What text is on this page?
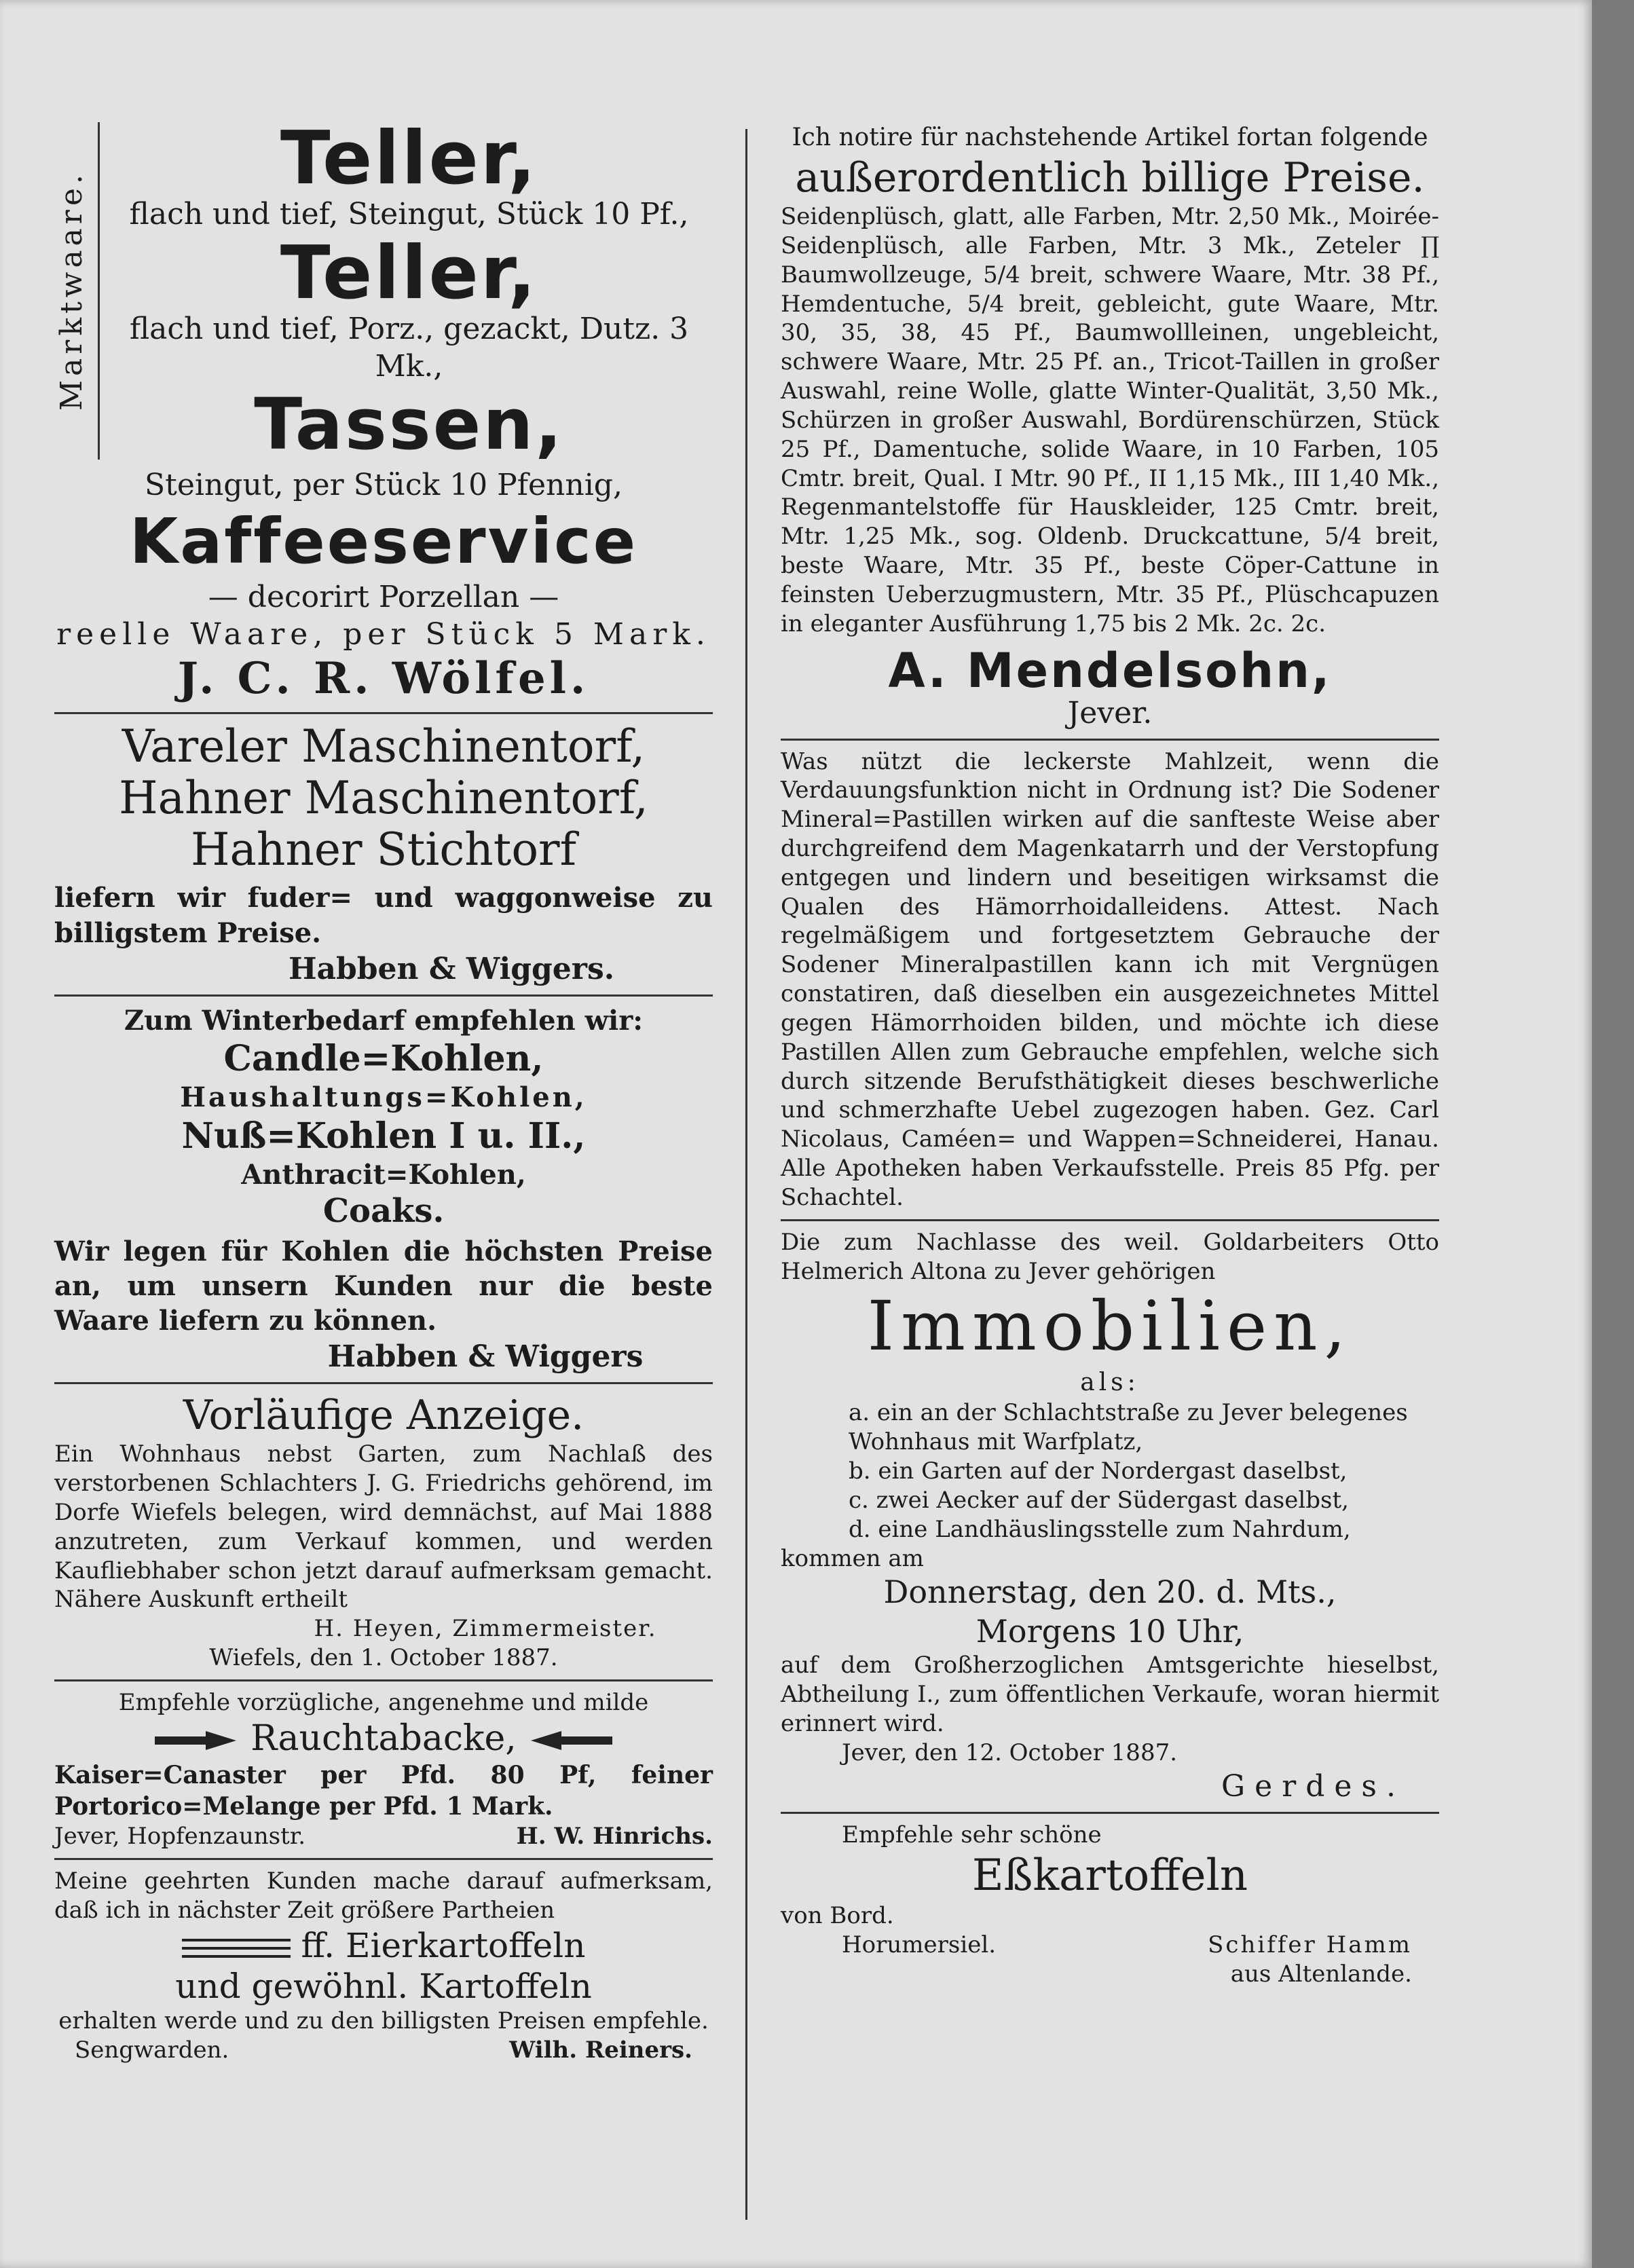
Marktwaare.
Teller,
flach und tief, Steingut, Stück 10 Pf.,
Teller,
flach und tief, Porz., gezackt, Dutz. 3 Mk.,
Tassen,
Steingut, per Stück 10 Pfennig,
Kaffeeservice
— decorirt Porzellan —
reelle Waare, per Stück 5 Mark.
J. C. R. Wölfel.
Vareler Maschinentorf,
Hahner Maschinentorf,
Hahner Stichtorf
liefern wir fuder= und waggonweise zu billigstem Preise.
Habben & Wiggers.
Zum Winterbedarf empfehlen wir:
Candle=Kohlen,
Haushaltungs=Kohlen,
Nuß=Kohlen I u. II.,
Anthracit=Kohlen,
Coaks.
Wir legen für Kohlen die höchsten Preise an, um unsern Kunden nur die beste Waare liefern zu können.
Habben & Wiggers
Vorläufige Anzeige.
Ein Wohnhaus nebst Garten, zum Nachlaß des verstorbenen Schlachters J. G. Friedrichs gehörend, im Dorfe Wiefels belegen, wird demnächst, auf Mai 1888 anzutreten, zum Verkauf kommen, und werden Kaufliebhaber schon jetzt darauf aufmerksam gemacht. Nähere Auskunft ertheilt
H. Heyen, Zimmermeister.
Wiefels, den 1. October 1887.
Empfehle vorzügliche, angenehme und milde
Rauchtabacke,
Kaiser=Canaster per Pfd. 80 Pf, feiner Portorico=Melange per Pfd. 1 Mark.
Jever, Hopfenzaunstr.	H. W. Hinrichs.
Meine geehrten Kunden mache darauf aufmerksam, daß ich in nächster Zeit größere Partheien
ff. Eierkartoffeln
und gewöhnl. Kartoffeln
erhalten werde und zu den billigsten Preisen empfehle.
Sengwarden.	Wilh. Reiners.
Ich notire für nachstehende Artikel fortan folgende
außerordentlich billige Preise.
Seidenplüsch, glatt, alle Farben, Mtr. 2,50 Mk., Moirée-Seidenplüsch, alle Farben, Mtr. 3 Mk., Zeteler ∏ Baumwollzeuge, 5/4 breit, schwere Waare, Mtr. 38 Pf., Hemdentuche, 5/4 breit, gebleicht, gute Waare, Mtr. 30, 35, 38, 45 Pf., Baumwollleinen, ungebleicht, schwere Waare, Mtr. 25 Pf. an., Tricot-Taillen in großer Auswahl, reine Wolle, glatte Winter-Qualität, 3,50 Mk., Schürzen in großer Auswahl, Bordürenschürzen, Stück 25 Pf., Damentuche, solide Waare, in 10 Farben, 105 Cmtr. breit, Qual. I Mtr. 90 Pf., II 1,15 Mk., III 1,40 Mk., Regenmantelstoffe für Hauskleider, 125 Cmtr. breit, Mtr. 1,25 Mk., sog. Oldenb. Druckcattune, 5/4 breit, beste Waare, Mtr. 35 Pf., beste Cöper-Cattune in feinsten Ueberzugmustern, Mtr. 35 Pf., Plüschcapuzen in eleganter Ausführung 1,75 bis 2 Mk. 2c. 2c.
A. Mendelsohn,
Jever.
Was nützt die leckerste Mahlzeit, wenn die Verdauungsfunktion nicht in Ordnung ist? Die Sodener Mineral=Pastillen wirken auf die sanfteste Weise aber durchgreifend dem Magenkatarrh und der Verstopfung entgegen und lindern und beseitigen wirksamst die Qualen des Hämorrhoidalleidens. Attest. Nach regelmäßigem und fortgesetztem Gebrauche der Sodener Mineralpastillen kann ich mit Vergnügen constatiren, daß dieselben ein ausgezeichnetes Mittel gegen Hämorrhoiden bilden, und möchte ich diese Pastillen Allen zum Gebrauche empfehlen, welche sich durch sitzende Berufsthätigkeit dieses beschwerliche und schmerzhafte Uebel zugezogen haben. Gez. Carl Nicolaus, Caméen= und Wappen=Schneiderei, Hanau. Alle Apotheken haben Verkaufsstelle. Preis 85 Pfg. per Schachtel.
Die zum Nachlasse des weil. Goldarbeiters Otto Helmerich Altona zu Jever gehörigen
Immobilien,
als:
a. ein an der Schlachtstraße zu Jever belegenes Wohnhaus mit Warfplatz,
b. ein Garten auf der Nordergast daselbst,
c. zwei Aecker auf der Südergast daselbst,
d. eine Landhäuslingsstelle zum Nahrdum,
kommen am
Donnerstag, den 20. d. Mts.,
Morgens 10 Uhr,
auf dem Großherzoglichen Amtsgerichte hieselbst, Abtheilung I., zum öffentlichen Verkaufe, woran hiermit erinnert wird.
Jever, den 12. October 1887.
Gerdes.
Empfehle sehr schöne
Eßkartoffeln
von Bord.
Horumersiel.	Schiffer Hamm
aus Altenlande.
